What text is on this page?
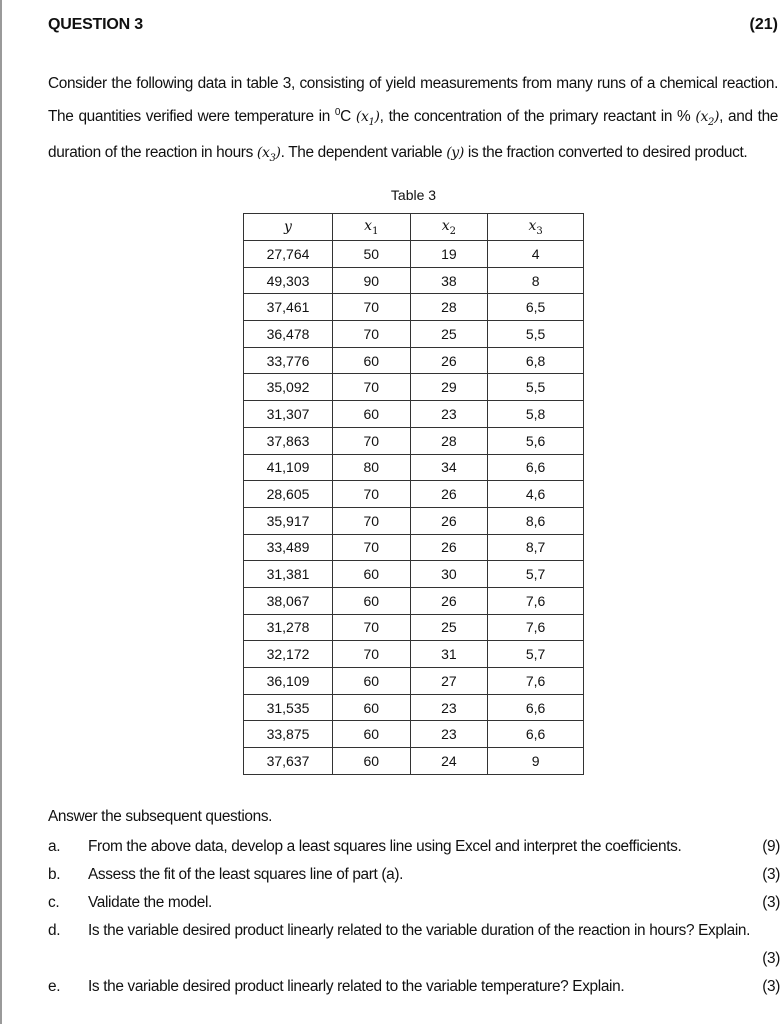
QUESTION 3	(21)
Consider the following data in table 3, consisting of yield measurements from many runs of a chemical reaction. The quantities verified were temperature in $^0$C $(x_1)$, the concentration of the primary reactant in % $(x_2)$, and the duration of the reaction in hours $(x_3)$. The dependent variable (y) is the fraction converted to desired product.
Table 3
y	$x_1$	$x_2$	$x_3$
27,764	50	19	4
49,303	90	38	8
37,461	70	28	6,5
36,478	70	25	5,5
33,776	60	26	6,8
35,092	70	29	5,5
31,307	60	23	5,8
37,863	70	28	5,6
41,109	80	34	6,6
28,605	70	26	4,6
35,917	70	26	8,6
33,489	70	26	8,7
31,381	60	30	5,7
38,067	60	26	7,6
31,278	70	25	7,6
32,172	70	31	5,7
36,109	60	27	7,6
31,535	60	23	6,6
33,875	60	23	6,6
37,637	60	24	9
Answer the subsequent questions.
a. From the above data, develop a least squares line using Excel and interpret the coefficients.	(9)
b. Assess the fit of the least squares line of part (a).	(3)
c. Validate the model.	(3)
d. Is the variable desired product linearly related to the variable duration of the reaction in hours? Explain.
(3)
e. Is the variable desired product linearly related to the variable temperature? Explain.	(3)
